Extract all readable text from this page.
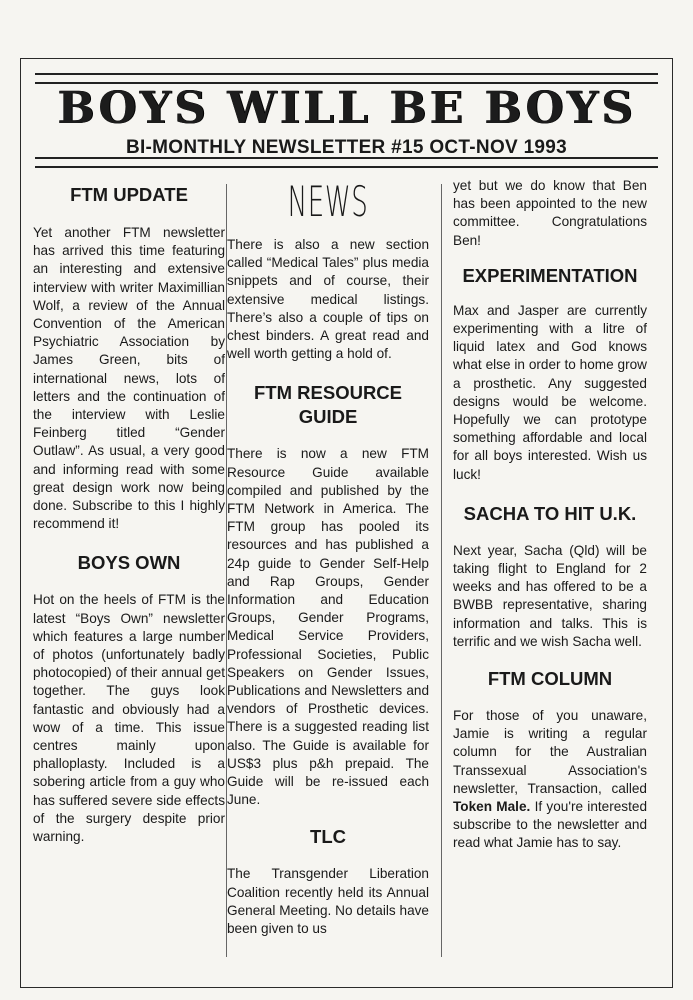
BOYS WILL BE BOYS
BI-MONTHLY NEWSLETTER #15 OCT-NOV 1993
FTM UPDATE

Yet another FTM newsletter has arrived this time featuring an interesting and extensive interview with writer Maximillian Wolf, a review of the Annual Convention of the American Psychiatric Association by James Green, bits of international news, lots of letters and the continuation of the interview with Leslie Feinberg titled “Gender Outlaw”. As usual, a very good and informing read with some great design work now being done. Subscribe to this I highly recommend it!

BOYS OWN

Hot on the heels of FTM is the latest “Boys Own” newsletter which features a large number of photos (unfortunately badly photocopied) of their annual get together. The guys look fantastic and obviously had a wow of a time. This issue centres mainly upon phalloplasty. Included is a sobering article from a guy who has suffered severe side effects of the surgery despite prior warning.

NEWS

There is also a new section called “Medical Tales” plus media snippets and of course, their extensive medical listings. There’s also a couple of tips on chest binders. A great read and well worth getting a hold of.

FTM RESOURCE GUIDE

There is now a new FTM Resource Guide available compiled and published by the FTM Network in America. The FTM group has pooled its resources and has published a 24p guide to Gender Self-Help and Rap Groups, Gender Information and Education Groups, Gender Programs, Medical Service Providers, Professional Societies, Public Speakers on Gender Issues, Publications and Newsletters and vendors of Prosthetic devices. There is a suggested reading list also. The Guide is available for US$3 plus p&h prepaid. The Guide will be re-issued each June.

TLC

The Transgender Liberation Coalition recently held its Annual General Meeting. No details have been given to us

yet but we do know that Ben has been appointed to the new committee. Congratulations Ben!

EXPERIMENTATION

Max and Jasper are currently experimenting with a litre of liquid latex and God knows what else in order to home grow a prosthetic. Any suggested designs would be welcome. Hopefully we can prototype something affordable and local for all boys interested. Wish us luck!

SACHA TO HIT U.K.

Next year, Sacha (Qld) will be taking flight to England for 2 weeks and has offered to be a BWBB representative, sharing information and talks. This is terrific and we wish Sacha well.

FTM COLUMN

For those of you unaware, Jamie is writing a regular column for the Australian Transsexual Association's newsletter, Transaction, called Token Male. If you're interested subscribe to the newsletter and read what Jamie has to say.
